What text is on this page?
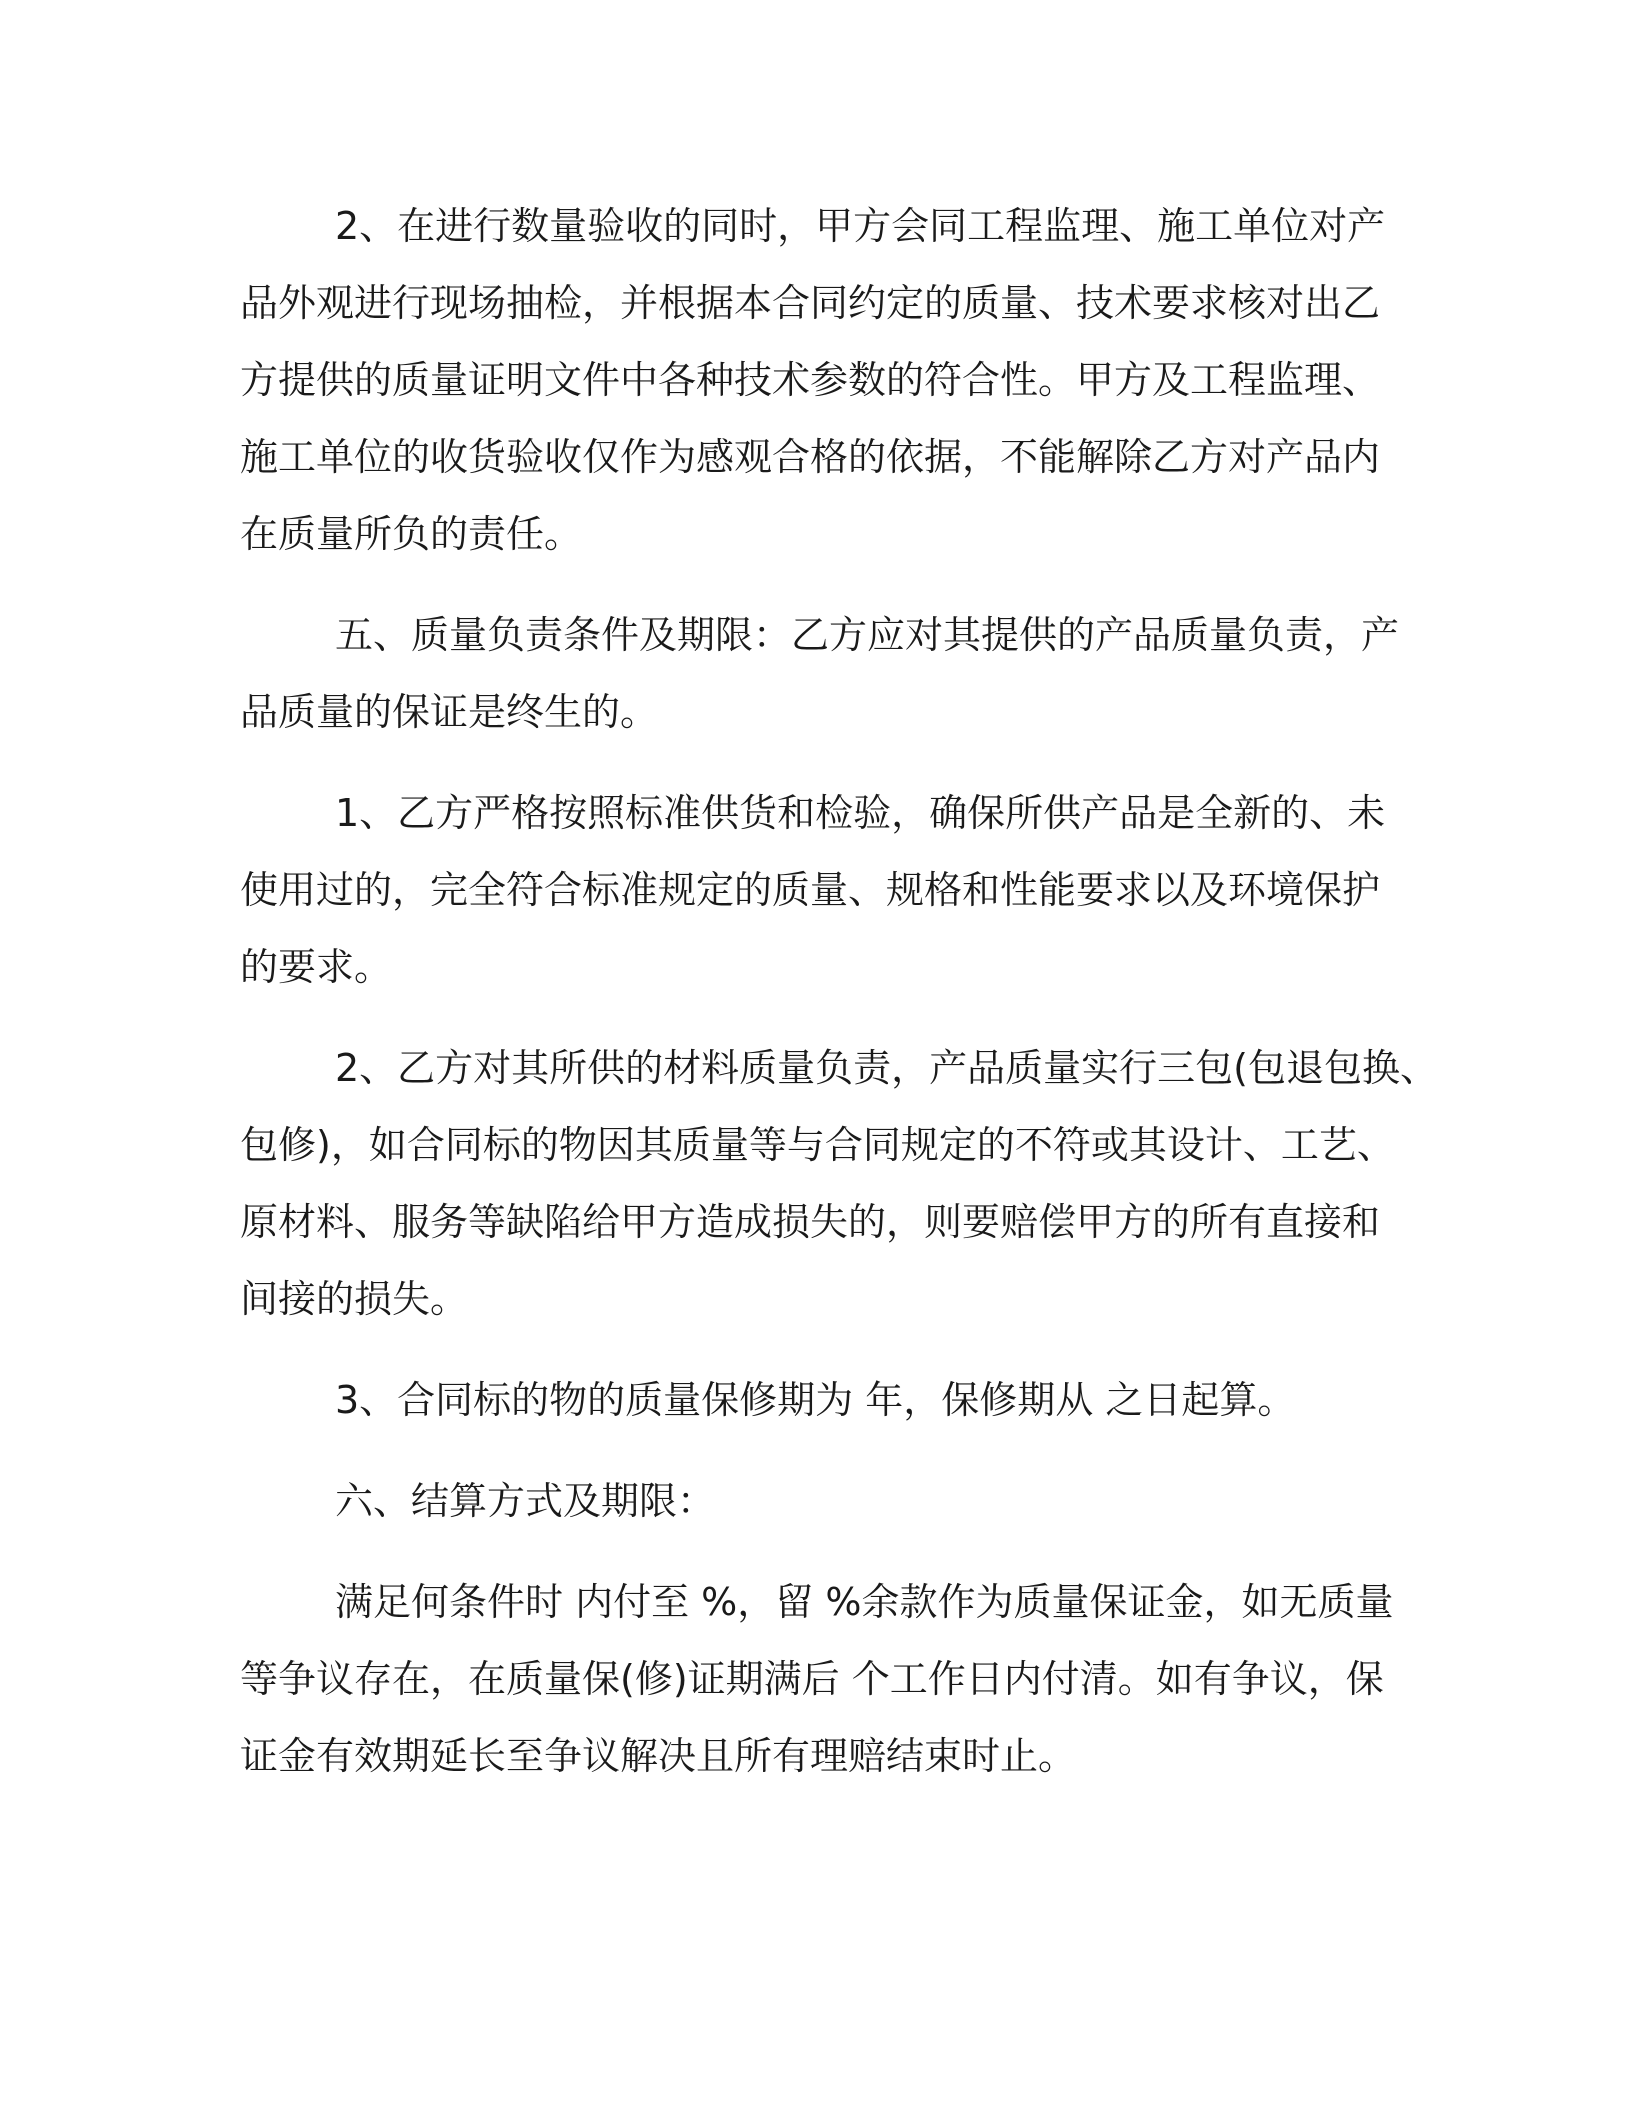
2、在进行数量验收的同时，甲方会同工程监理、施工单位对产
品外观进行现场抽检，并根据本合同约定的质量、技术要求核对出乙
方提供的质量证明文件中各种技术参数的符合性。甲方及工程监理、
施工单位的收货验收仅作为感观合格的依据，不能解除乙方对产品内
在质量所负的责任。

五、质量负责条件及期限：乙方应对其提供的产品质量负责，产
品质量的保证是终生的。

1、乙方严格按照标准供货和检验，确保所供产品是全新的、未
使用过的，完全符合标准规定的质量、规格和性能要求以及环境保护
的要求。

2、乙方对其所供的材料质量负责，产品质量实行三包(包退包换、
包修)，如合同标的物因其质量等与合同规定的不符或其设计、工艺、
原材料、服务等缺陷给甲方造成损失的，则要赔偿甲方的所有直接和
间接的损失。

3、合同标的物的质量保修期为 年，保修期从 之日起算。

六、结算方式及期限：

满足何条件时 内付至 %，留 %余款作为质量保证金，如无质量
等争议存在，在质量保(修)证期满后 个工作日内付清。如有争议，保
证金有效期延长至争议解决且所有理赔结束时止。
